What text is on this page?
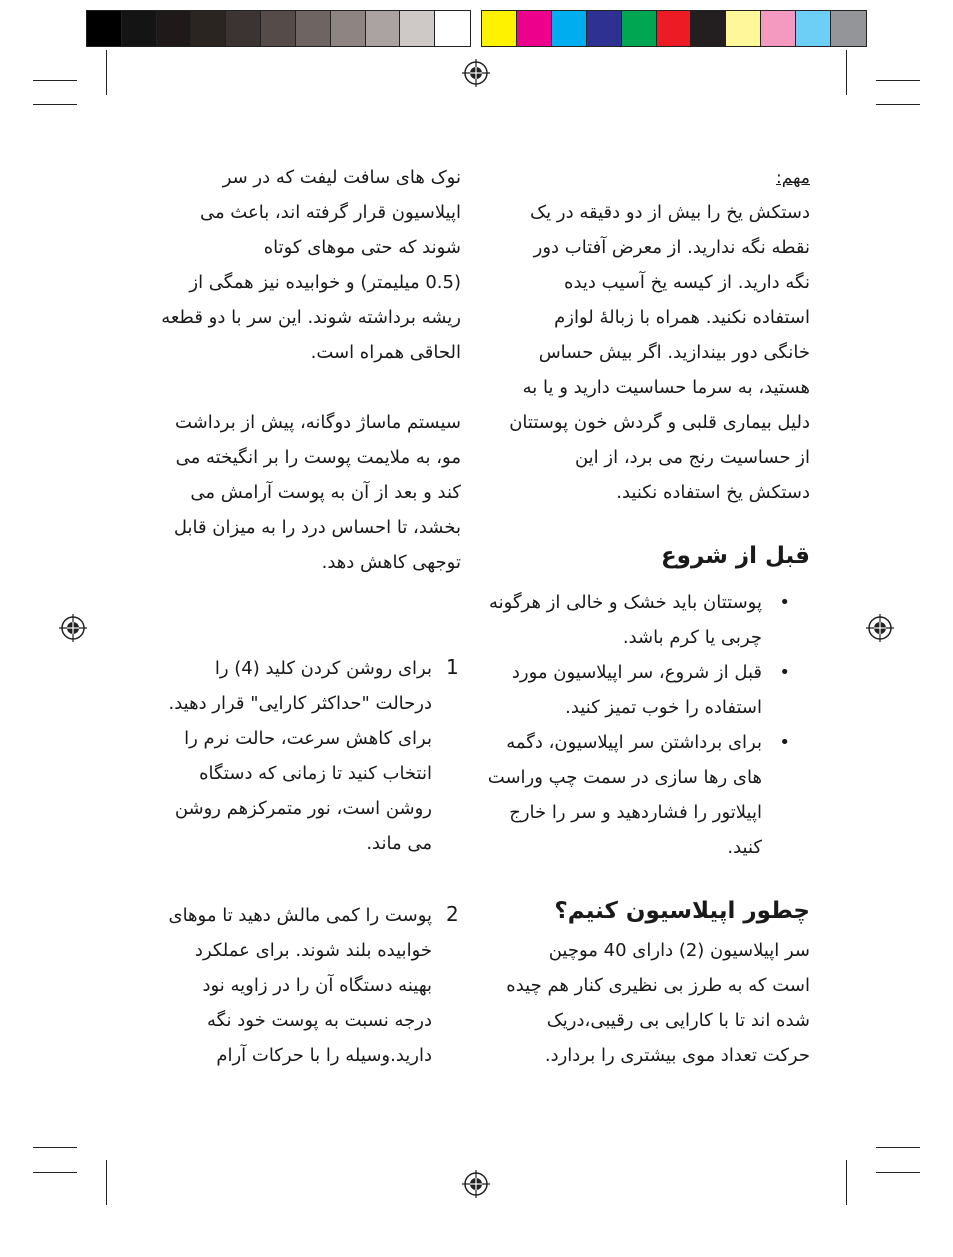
مهم:
دستکش یخ را بیش از دو دقیقه در یک
نقطه نگه ندارید. از معرض آفتاب دور
نگه دارید. از کیسه یخ آسیب دیده
استفاده نکنید. همراه با زبالۀ لوازم
خانگی دور بیندازید. اگر بیش حساس
هستید، به سرما حساسیت دارید و یا به
دلیل بیماری قلبی و گردش خون پوستتان
از حساسیت رنج می برد، از این
دستکش یخ استفاده نکنید.
قبل از شروع
•
پوستتان باید خشک و خالی از هرگونه
چربی یا کرم باشد.
•
قبل از شروع، سر اپیلاسیون مورد
استفاده را خوب تمیز کنید.
•
برای برداشتن سر اپیلاسیون، دگمه
های رها سازی در سمت چپ وراست
اپیلاتور را فشاردهید و سر را خارج
کنید.
چطور اپیلاسیون کنیم؟
سر اپیلاسیون (2) دارای 40 موچین
است که به طرز بی نظیری کنار هم چیده
شده اند تا با کارایی بی رقیبی،دریک
حرکت تعداد موی بیشتری را بردارد.
نوک های سافت لیفت که در سر
اپیلاسیون قرار گرفته اند، باعث می
شوند که حتی موهای کوتاه
(0.5 میلیمتر) و خوابیده نیز همگی از
ریشه برداشته شوند. این سر با دو قطعه
الحاقی همراه است.
سیستم ماساژ دوگانه، پیش از برداشت
مو، به ملایمت پوست را بر انگیخته می
کند و بعد از آن به پوست آرامش می
بخشد، تا احساس درد را به میزان قابل
توجهی کاهش دهد.
1
برای روشن کردن کلید (4) را
درحالت "حداکثر کارایی" قرار دهید.
برای کاهش سرعت، حالت نرم را
انتخاب کنید تا زمانی که دستگاه
روشن است، نور متمرکزهم روشن
می ماند.
2
پوست را کمی مالش دهید تا موهای
خوابیده بلند شوند. برای عملکرد
بهینه دستگاه آن را در زاویه نود
درجه نسبت به پوست خود نگه
دارید.وسیله را با حرکات آرام
